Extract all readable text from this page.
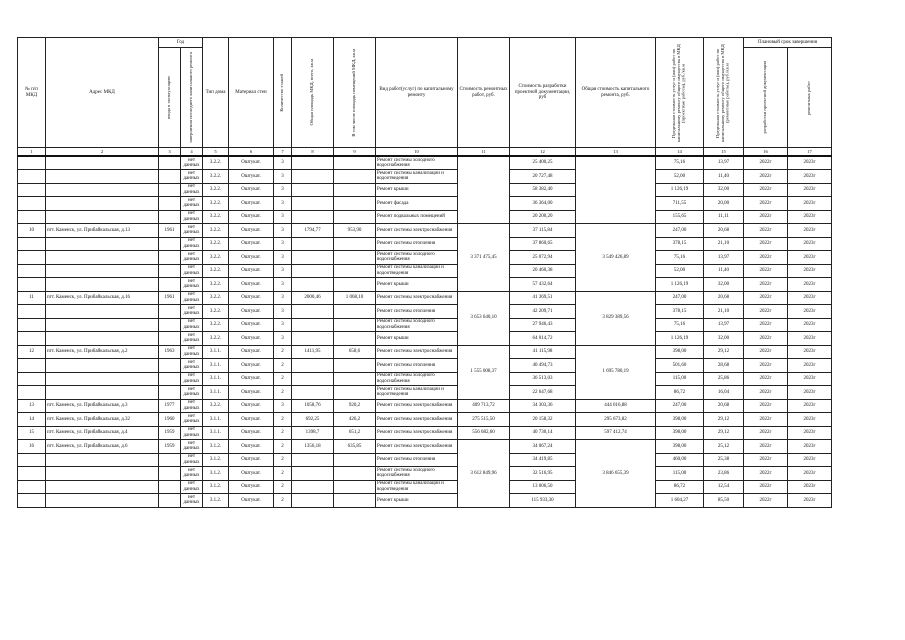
№ п/п МКД	Адрес МКД	Год		Тип дома	Материал стен	Количество этажей	Общая площадь МКД, всего, кв.м	В том числе площадь помещений МКД, кв.м	Вид работ(услуг) по капитальному ремонту	Стоимость ремонтных работ, руб.	Стоимость разработки проектной документации, руб	Общая стоимость капитального ремонта, руб.	Предельная стоимость услуг и (или) работ по капитальному ремонту общего имущества в МКД (проектные работы), руб./кв.м	Предельная стоимость услуг и (или) работ по капитальному ремонту общего имущества в МКД (ремонтные работы), руб./кв.м	Плановый срок завершения	

		ввода в эксплуатацию	завершения последнего капитального ремонта												разработки проектной документации	ремонтных работ

1	2	3	4	5	6	7	8	9	10	11	12	13	14	15	16	17
			нет данных	3.2.2.	Оштукат.	3			Ремонт системы холодного водоснабжения		25 400,25		75,16	13,97	2022г	2023г
			нет данных	3.2.2.	Оштукат.	3			Ремонт системы канализации и водоотведения		20 727,48		52,00	11,40	2022г	2023г
			нет данных	3.2.2.	Оштукат.	3			Ремонт крыши		58 382,40		1 126,19	32,00	2022г	2023г
			нет данных	3.2.2.	Оштукат.	3			Ремонт фасада		36 364,00		711,55	20,00	2022г	2023г
			нет данных	3.2.2.	Оштукат.	3			Ремонт подвальных помещений		20 200,20		155,65	11,11	2022г	2023г
10	пгт. Каменск, ул. Прибайкальская, д.13	1961	нет данных	3.2.2.	Оштукат.	3	1794,77	953,90	Ремонт системы электроснабжения	3 371 475,45	37 115,84	3 549 426,89	247,00	20,68	2022г	2023г
			нет данных	3.2.2.	Оштукат.	3			Ремонт системы отопления		37 860,65		378,15	21,10	2022г	2023г
			нет данных	3.2.2.	Оштукат.	3			Ремонт системы холодного водоснабжения		25 072,94		75,16	13,97	2022г	2023г
			нет данных	3.2.2.	Оштукат.	3			Ремонт системы канализации и водоотведения		20 460,38		52,00	11,40	2022г	2023г
			нет данных	3.2.2.	Оштукат.	3			Ремонт крыши		57 432,64		1 126,19	32,00	2022г	2023г
11	пгт. Каменск, ул. Прибайкальская, д.16	1961	нет данных	3.2.2.	Оштукат.	3	2000,46	1 068,10	Ремонт системы электроснабжения	3 653 640,10	41 369,51	3 829 389,56	247,00	20,68	2022г	2023г
			нет данных	3.2.2.	Оштукат.	3			Ремонт системы отопления		42 209,71		378,15	21,10	2022г	2023г
			нет данных	3.2.2.	Оштукат.	3			Ремонт системы холодного водоснабжения		27 946,43		75,16	13,97	2022г	2023г
			нет данных	3.2.2.	Оштукат.	3			Ремонт крыши		64 014,72		1 126,19	32,00	2022г	2023г
12	пгт. Каменск, ул. Прибайкальская, д.2	1963	нет данных	3.1.1.	Оштукат.	2	1411,95	658,6	Ремонт системы электроснабжения	1 555 008,37	41 115,98	1 695 780,19	398,00	29,12	2022г	2023г
			нет данных	3.1.1.	Оштукат.	2			Ремонт системы отопления		40 494,73		501,60	28,68	2022г	2023г
			нет данных	3.1.1.	Оштукат.	2			Ремонт системы холодного водоснабжения		36 513,03		115,00	25,86	2022г	2023г
			нет данных	3.1.1.	Оштукат.	2			Ремонт системы канализации и водоотведения		22 647,68		86,72	16,04	2022г	2023г
13	пгт. Каменск, ул. Прибайкальская, д.3	1977	нет данных	3.2.2.	Оштукат.	3	1058,76	920,2	Ремонт системы электроснабжения	409 713,72	34 303,36	444 016,88	247,00	20,68	2022г	2023г
14	пгт. Каменск, ул. Прибайкальская, д.32	1960	нет данных	3.1.1.	Оштукат.	2	692,25	426,2	Ремонт системы электроснабжения	275 515,50	20 158,32	295 673,82	398,00	29,12	2022г	2023г
15	пгт. Каменск, ул. Прибайкальская, д.4	1959	нет данных	3.1.1.	Оштукат.	2	1398,7	651,2	Ремонт системы электроснабжения	556 682,60	40 730,14	597 412,74	398,00	29,12	2022г	2023г
16	пгт. Каменск, ул. Прибайкальская, д.6	1959	нет данных	3.1.2.	Оштукат.	2	1356,18	635,85	Ремонт системы электроснабжения	3 612 849,96	34 067,24	3 846 655,39	398,00	25,12	2022г	2023г
			нет данных	3.1.2.	Оштукат.	2			Ремонт системы отопления		34 419,85		460,00	25,38	2022г	2023г
			нет данных	3.1.2.	Оштукат.	2			Ремонт системы холодного водоснабжения		32 516,95		115,00	23,86	2022г	2023г
			нет данных	3.1.2.	Оштукат.	2			Ремонт системы канализации и водоотведения		13 006,50		86,72	12,54	2022г	2023г
			нет данных	3.1.2.	Оштукат.	2			Ремонт крыши		115 933,30		1 604,27	85,50	2022г	2023г
